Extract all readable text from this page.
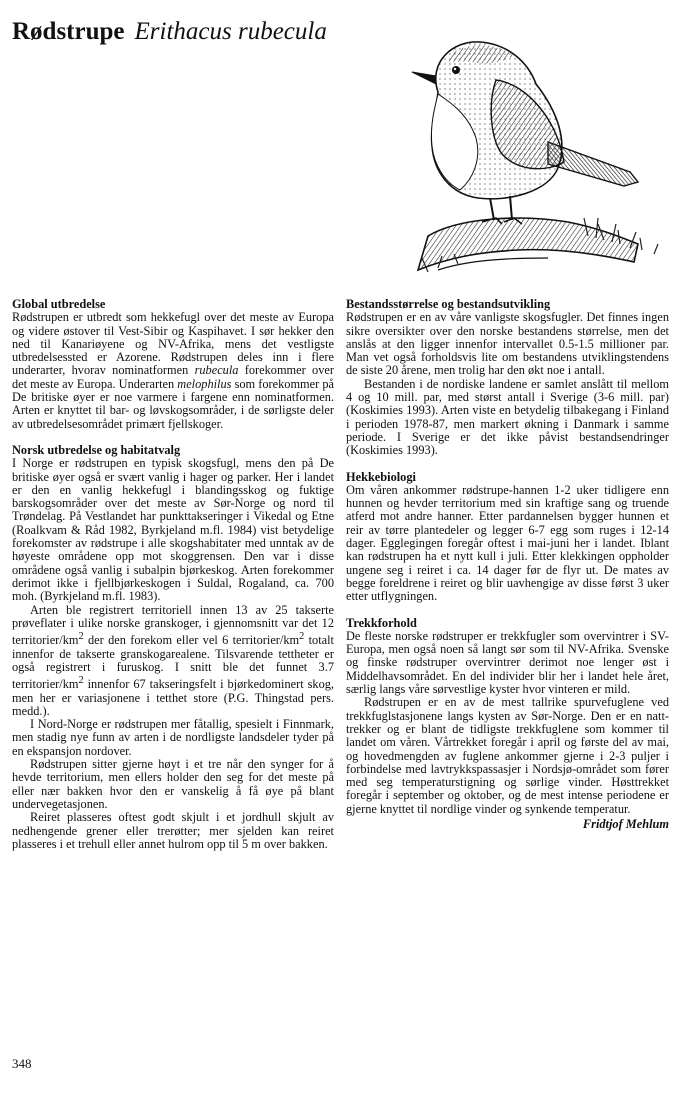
Rødstrupe Erithacus rubecula
Global utbredelse

Rødstrupen er utbredt som hekkefugl over det meste av Europa og videre østover til Vest-Sibir og Kaspihavet. I sør hekker den ned til Kanariøyene og NV-Afrika, mens det vestligste utbredelsessted er Azorene. Rødstrupen deles inn i flere underarter, hvorav nominatformen rubecula forekommer over det meste av Europa. Underarten melophilus som forekommer på De britiske øyer er noe varmere i fargene enn nominatformen. Arten er knyttet til bar- og løvskogsområder, i de sørligste deler av utbredelsesområdet primært fjellskoger.

Norsk utbredelse og habitatvalg

I Norge er rødstrupen en typisk skogsfugl, mens den på De britiske øyer også er svært vanlig i hager og parker. Her i landet er den en vanlig hekkefugl i blandingsskog og fuktige barskogsområder over det meste av Sør-Norge og nord til Trøndelag. På Vestlandet har punkttakseringer i Vikedal og Etne (Roalkvam & Råd 1982, Byrkjeland m.fl. 1984) vist betydelige forekomster av rødstrupe i alle skogshabitater med unntak av de høyeste områdene opp mot skoggrensen. Den var i disse områdene også vanlig i subalpin bjørkeskog. Arten forekommer derimot ikke i fjellbjørkeskogen i Suldal, Rogaland, ca. 700 moh. (Byrkjeland m.fl. 1983).

Arten ble registrert territoriell innen 13 av 25 takserte prøveflater i ulike norske granskoger, i gjennomsnitt var det 12 territorier/$km^2$ der den forekom eller vel 6 territorier/$km^2$ totalt innenfor de takserte granskogarealene. Tilsvarende tettheter er også registrert i furuskog. I snitt ble det funnet 3.7 territorier/$km^2$ innenfor 67 takseringsfelt i bjørkedominert skog, men her er variasjonene i tetthet store (P.G. Thingstad pers. medd.).

I Nord-Norge er rødstrupen mer fåtallig, spesielt i Finnmark, men stadig nye funn av arten i de nordligste landsdeler tyder på en ekspansjon nordover.

Rødstrupen sitter gjerne høyt i et tre når den synger for å hevde territorium, men ellers holder den seg for det meste på eller nær bakken hvor den er vanskelig å få øye på blant undervegetasjonen.

Reiret plasseres oftest godt skjult i et jordhull skjult av nedhengende grener eller trerøtter; mer sjelden kan reiret plasseres i et trehull eller annet hulrom opp til 5 m over bakken.

Bestandsstørrelse og bestandsutvikling

Rødstrupen er en av våre vanligste skogsfugler. Det finnes ingen sikre oversikter over den norske bestandens størrelse, men det anslås at den ligger innenfor intervallet 0.5-1.5 millioner par. Man vet også forholdsvis lite om bestandens utviklingstendens de siste 20 årene, men trolig har den økt noe i antall.

Bestanden i de nordiske landene er samlet anslått til mellom 4 og 10 mill. par, med størst antall i Sverige (3-6 mill. par) (Koskimies 1993). Arten viste en betydelig tilbakegang i Finland i perioden 1978-87, men markert økning i Danmark i samme periode. I Sverige er det ikke påvist bestandsendringer (Koskimies 1993).

Hekkebiologi

Om våren ankommer rødstrupe-hannen 1-2 uker tidligere enn hunnen og hevder territorium med sin kraftige sang og truende atferd mot andre hanner. Etter pardannelsen bygger hunnen et reir av tørre plantedeler og legger 6-7 egg som ruges i 12-14 dager. Egglegingen foregår oftest i mai-juni her i landet. Iblant kan rødstrupen ha et nytt kull i juli. Etter klekkingen oppholder ungene seg i reiret i ca. 14 dager før de flyr ut. De mates av begge foreldrene i reiret og blir uavhengige av disse først 3 uker etter utflygningen.

Trekkforhold

De fleste norske rødstruper er trekkfugler som overvintrer i SV-Europa, men også noen så langt sør som til NV-Afrika. Svenske og finske rødstruper overvintrer derimot noe lenger øst i Middelhavsområdet. En del individer blir her i landet hele året, særlig langs våre sørvestlige kyster hvor vinteren er mild.

Rødstrupen er en av de mest tallrike spurvefuglene ved trekkfuglstasjonene langs kysten av Sør-Norge. Den er en natt-trekker og er blant de tidligste trekkfuglene som kommer til landet om våren. Vårtrekket foregår i april og første del av mai, og hovedmengden av fuglene ankommer gjerne i 2-3 puljer i forbindelse med lavtrykkspassasjer i Nordsjø-området som fører med seg temperaturstigning og sørlige vinder. Høsttrekket foregår i september og oktober, og de mest intense periodene er gjerne knyttet til nordlige vinder og synkende temperatur.

Fridtjof Mehlum
348
